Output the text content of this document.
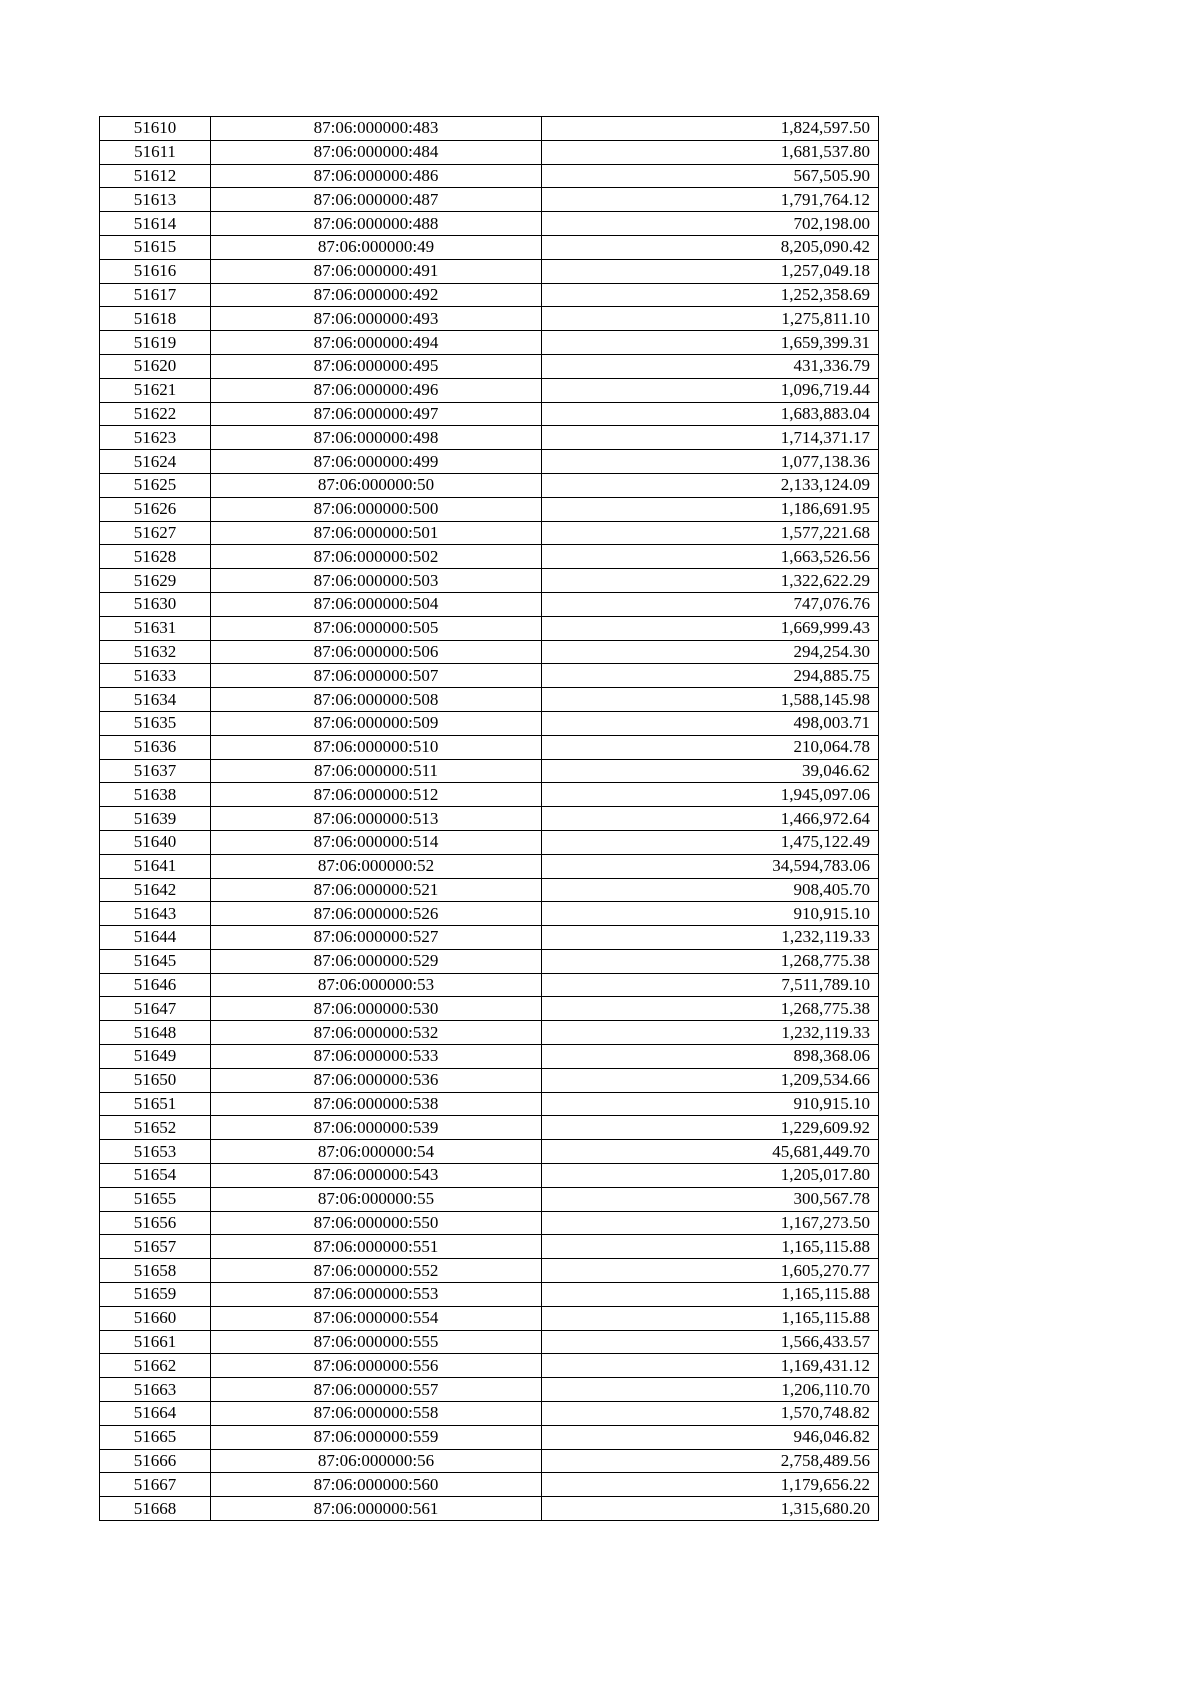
51610	87:06:000000:483	1,824,597.50
51611	87:06:000000:484	1,681,537.80
51612	87:06:000000:486	567,505.90
51613	87:06:000000:487	1,791,764.12
51614	87:06:000000:488	702,198.00
51615	87:06:000000:49	8,205,090.42
51616	87:06:000000:491	1,257,049.18
51617	87:06:000000:492	1,252,358.69
51618	87:06:000000:493	1,275,811.10
51619	87:06:000000:494	1,659,399.31
51620	87:06:000000:495	431,336.79
51621	87:06:000000:496	1,096,719.44
51622	87:06:000000:497	1,683,883.04
51623	87:06:000000:498	1,714,371.17
51624	87:06:000000:499	1,077,138.36
51625	87:06:000000:50	2,133,124.09
51626	87:06:000000:500	1,186,691.95
51627	87:06:000000:501	1,577,221.68
51628	87:06:000000:502	1,663,526.56
51629	87:06:000000:503	1,322,622.29
51630	87:06:000000:504	747,076.76
51631	87:06:000000:505	1,669,999.43
51632	87:06:000000:506	294,254.30
51633	87:06:000000:507	294,885.75
51634	87:06:000000:508	1,588,145.98
51635	87:06:000000:509	498,003.71
51636	87:06:000000:510	210,064.78
51637	87:06:000000:511	39,046.62
51638	87:06:000000:512	1,945,097.06
51639	87:06:000000:513	1,466,972.64
51640	87:06:000000:514	1,475,122.49
51641	87:06:000000:52	34,594,783.06
51642	87:06:000000:521	908,405.70
51643	87:06:000000:526	910,915.10
51644	87:06:000000:527	1,232,119.33
51645	87:06:000000:529	1,268,775.38
51646	87:06:000000:53	7,511,789.10
51647	87:06:000000:530	1,268,775.38
51648	87:06:000000:532	1,232,119.33
51649	87:06:000000:533	898,368.06
51650	87:06:000000:536	1,209,534.66
51651	87:06:000000:538	910,915.10
51652	87:06:000000:539	1,229,609.92
51653	87:06:000000:54	45,681,449.70
51654	87:06:000000:543	1,205,017.80
51655	87:06:000000:55	300,567.78
51656	87:06:000000:550	1,167,273.50
51657	87:06:000000:551	1,165,115.88
51658	87:06:000000:552	1,605,270.77
51659	87:06:000000:553	1,165,115.88
51660	87:06:000000:554	1,165,115.88
51661	87:06:000000:555	1,566,433.57
51662	87:06:000000:556	1,169,431.12
51663	87:06:000000:557	1,206,110.70
51664	87:06:000000:558	1,570,748.82
51665	87:06:000000:559	946,046.82
51666	87:06:000000:56	2,758,489.56
51667	87:06:000000:560	1,179,656.22
51668	87:06:000000:561	1,315,680.20
